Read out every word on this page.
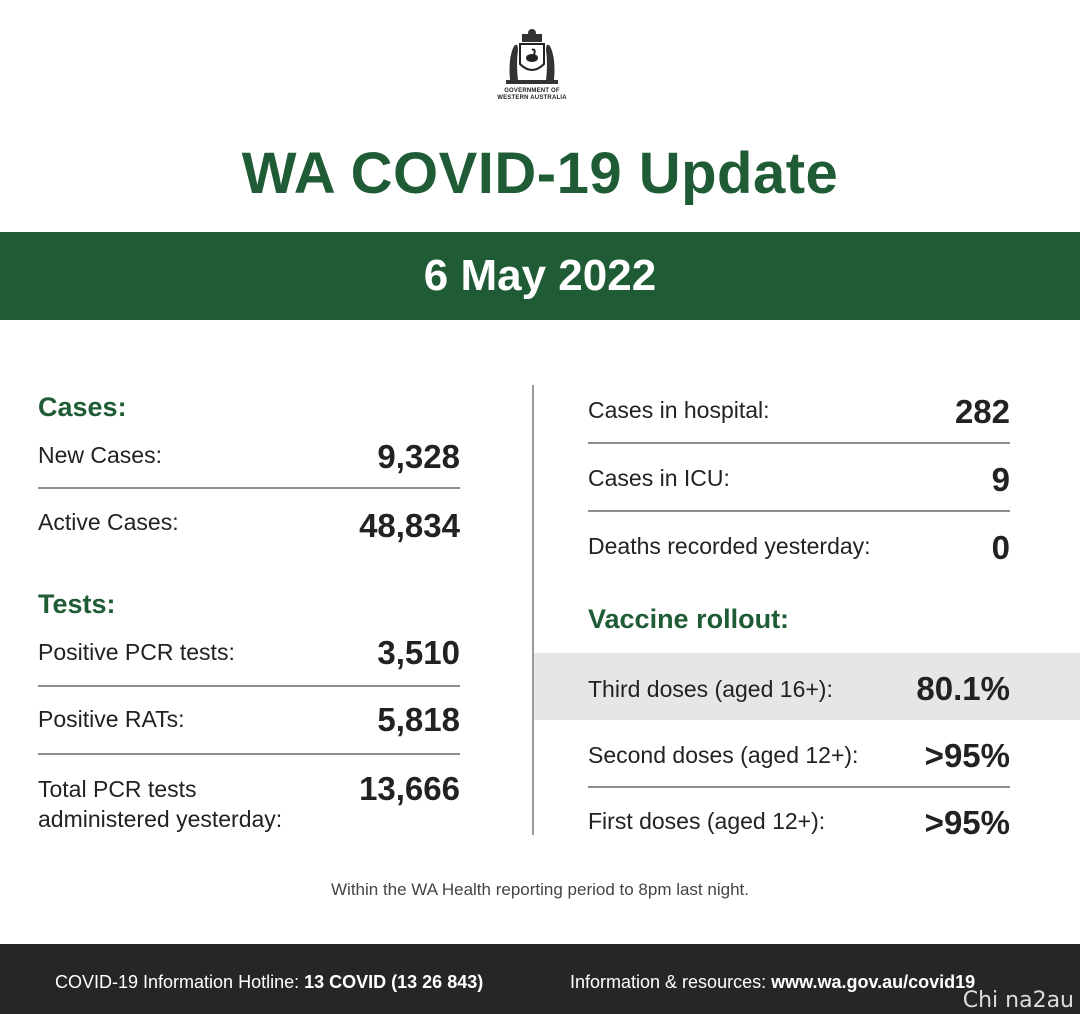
GOVERNMENT OF
WESTERN AUSTRALIA
WA COVID-19 Update
6 May 2022
Cases:
New Cases:	9,328
Active Cases:	48,834
Tests:
Positive PCR tests:	3,510
Positive RATs:	5,818
Total PCR tests
administered yesterday:
13,666
Cases in hospital:	282
Cases in ICU:	9
Deaths recorded yesterday:	0
Vaccine rollout:
Third doses (aged 16+):	80.1%
Second doses (aged 12+):	>95%
First doses (aged 12+):	>95%
Within the WA Health reporting period to 8pm last night.
COVID-19 Information Hotline: 13 COVID (13 26 843)	Information & resources: www.wa.gov.au/covid19
Chi na2au
